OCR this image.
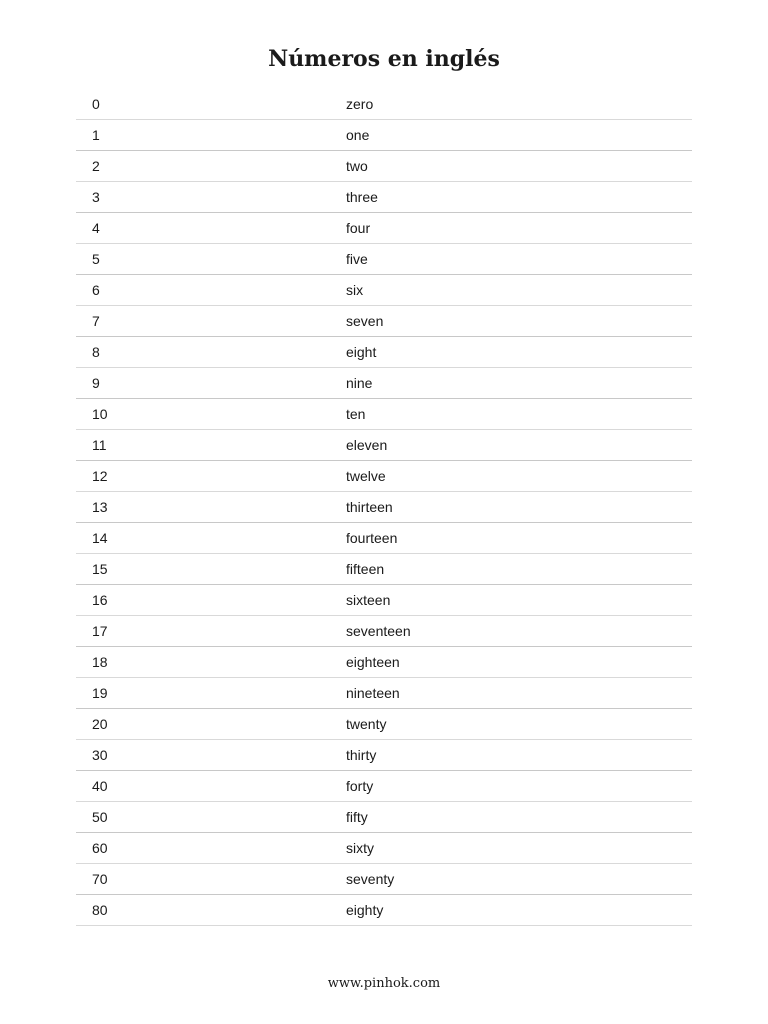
Números en inglés
0	zero
1	one
2	two
3	three
4	four
5	five
6	six
7	seven
8	eight
9	nine
10	ten
11	eleven
12	twelve
13	thirteen
14	fourteen
15	fifteen
16	sixteen
17	seventeen
18	eighteen
19	nineteen
20	twenty
30	thirty
40	forty
50	fifty
60	sixty
70	seventy
80	eighty
www.pinhok.com
